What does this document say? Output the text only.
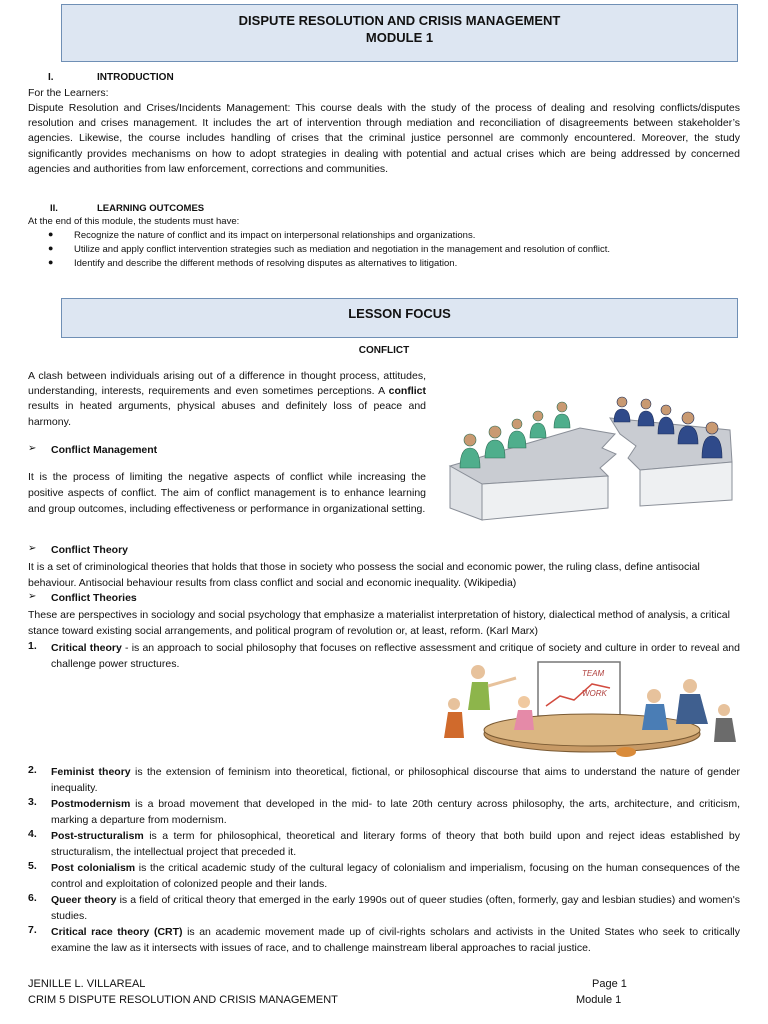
DISPUTE RESOLUTION AND CRISIS MANAGEMENT
MODULE 1
I.	INTRODUCTION
For the Learners:
Dispute Resolution and Crises/Incidents Management: This course deals with the study of the process of dealing and resolving conflicts/disputes resolution and crises management. It includes the art of intervention through mediation and reconciliation of disagreements between stakeholder’s agencies. Likewise, the course includes handling of crises that the criminal justice personnel are commonly encountered. Moreover, the study significantly provides mechanisms on how to adopt strategies in dealing with potential and actual crises which are being addressed by concerned agencies and authorities from law enforcement, corrections and communities.
II.	LEARNING OUTCOMES
At the end of this module, the students must have:
● Recognize the nature of conflict and its impact on interpersonal relationships and organizations.
● Utilize and apply conflict intervention strategies such as mediation and negotiation in the management and resolution of conflict.
● Identify and describe the different methods of resolving disputes as alternatives to litigation.
LESSON FOCUS
CONFLICT
A clash between individuals arising out of a difference in thought process, attitudes, understanding, interests, requirements and even sometimes perceptions. A conflict results in heated arguments, physical abuses and definitely loss of peace and harmony.
➢ Conflict Management
It is the process of limiting the negative aspects of conflict while increasing the positive aspects of conflict. The aim of conflict management is to enhance learning and group outcomes, including effectiveness or performance in organizational setting.
➢ Conflict Theory
It is a set of criminological theories that holds that those in society who possess the social and economic power, the ruling class, define antisocial behaviour. Antisocial behaviour results from class conflict and social and economic inequality. (Wikipedia)
➢ Conflict Theories
These are perspectives in sociology and social psychology that emphasize a materialist interpretation of history, dialectical method of analysis, a critical stance toward existing social arrangements, and political program of revolution or, at least, reform. (Karl Marx)
1. Critical theory - is an approach to social philosophy that focuses on reflective assessment and critique of society and culture in order to reveal and challenge power structures.
TEAM
WORK
2. Feminist theory is the extension of feminism into theoretical, fictional, or philosophical discourse that aims to understand the nature of gender inequality.
3. Postmodernism is a broad movement that developed in the mid- to late 20th century across philosophy, the arts, architecture, and criticism, marking a departure from modernism.
4. Post-structuralism is a term for philosophical, theoretical and literary forms of theory that both build upon and reject ideas established by structuralism, the intellectual project that preceded it.
5. Post colonialism is the critical academic study of the cultural legacy of colonialism and imperialism, focusing on the human consequences of the control and exploitation of colonized people and their lands.
6. Queer theory is a field of critical theory that emerged in the early 1990s out of queer studies (often, formerly, gay and lesbian studies) and women's studies.
7. Critical race theory (CRT) is an academic movement made up of civil-rights scholars and activists in the United States who seek to critically examine the law as it intersects with issues of race, and to challenge mainstream liberal approaches to racial justice.
JENILLE L. VILLAREAL
CRIM 5 DISPUTE RESOLUTION AND CRISIS MANAGEMENT
Page 1
Module 1
